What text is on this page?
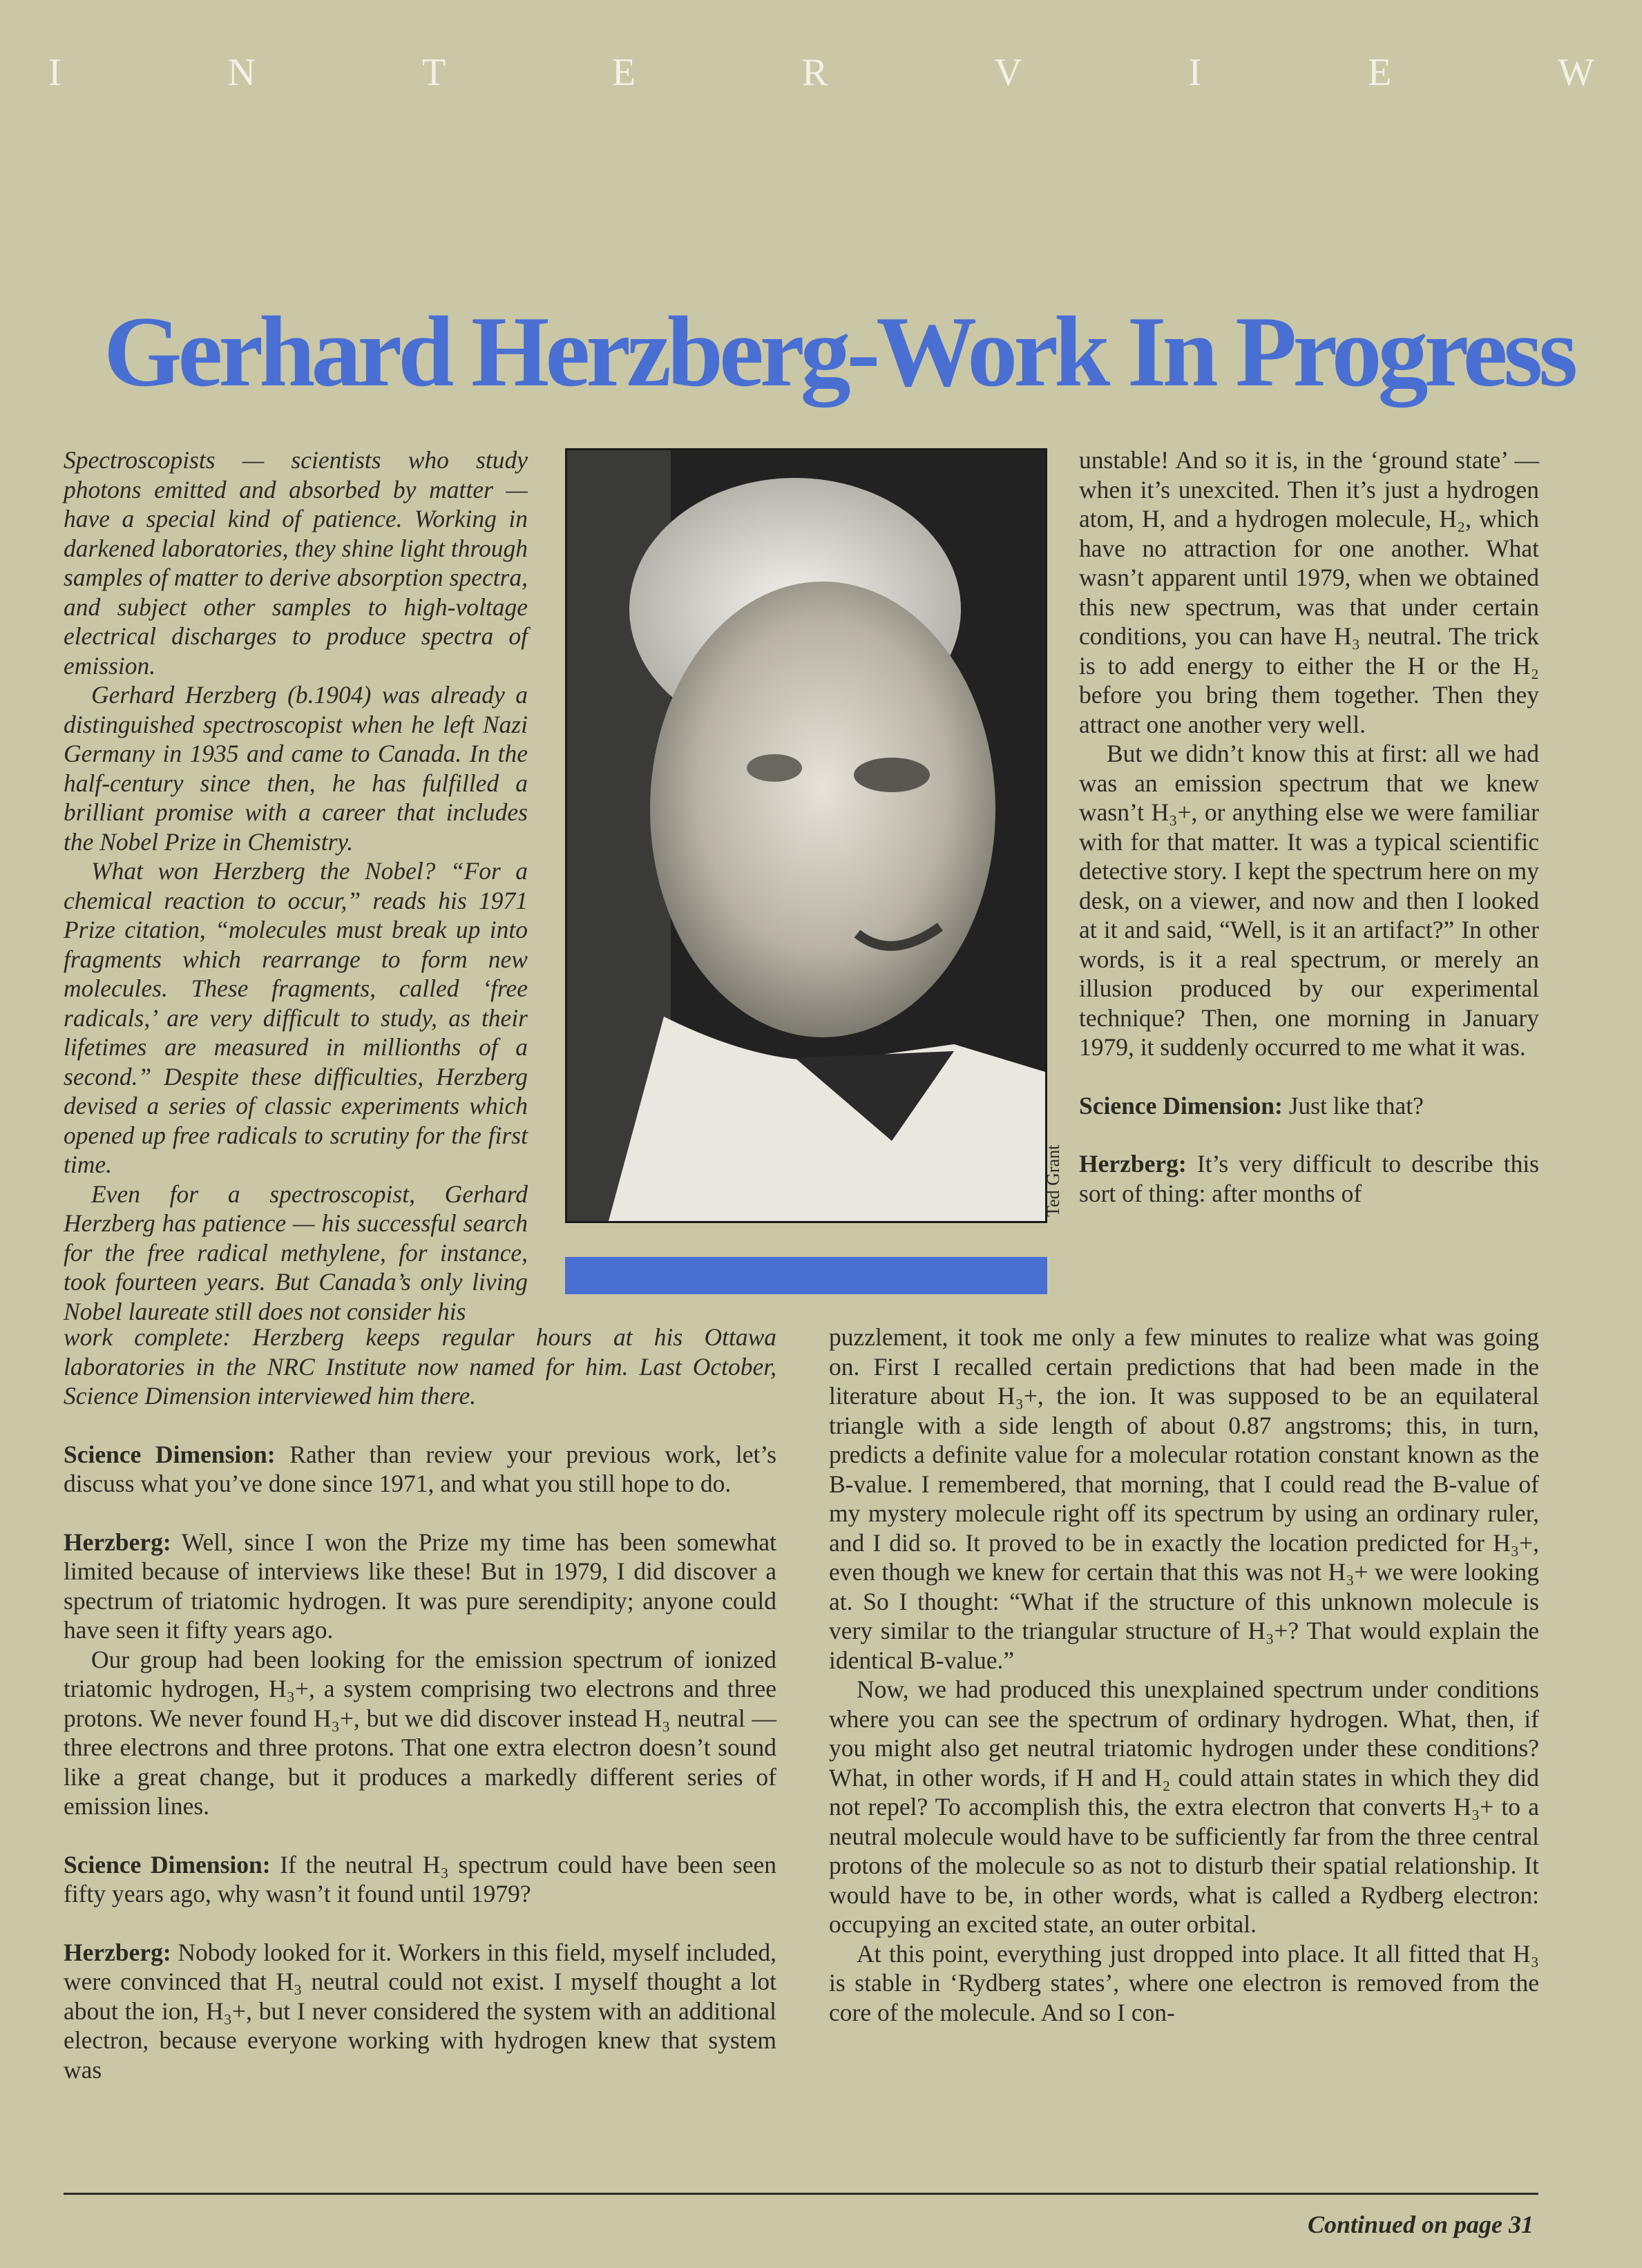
I	N	T	E	R	V	I	E	W
Gerhard Herzberg-Work In Progress

Spectroscopists — scientists who study photons emitted and absorbed by matter — have a special kind of patience. Working in darkened laboratories, they shine light through samples of matter to derive absorption spectra, and subject other samples to high-voltage electrical discharges to produce spectra of emission.

Gerhard Herzberg (b.1904) was already a distinguished spectroscopist when he left Nazi Germany in 1935 and came to Canada. In the half-century since then, he has fulfilled a brilliant promise with a career that includes the Nobel Prize in Chemistry.

What won Herzberg the Nobel? “For a chemical reaction to occur,” reads his 1971 Prize citation, “molecules must break up into fragments which rearrange to form new molecules. These fragments, called ‘free radicals,’ are very difficult to study, as their lifetimes are measured in millionths of a second.” Despite these difficulties, Herzberg devised a series of classic experiments which opened up free radicals to scrutiny for the first time.

Even for a spectroscopist, Gerhard Herzberg has patience — his successful search for the free radical methylene, for instance, took fourteen years. But Canada’s only living Nobel laureate still does not consider his

Ted Grant

work complete: Herzberg keeps regular hours at his Ottawa laboratories in the NRC Institute now named for him. Last October, Science Dimension interviewed him there.

Science Dimension: Rather than review your previous work, let’s discuss what you’ve done since 1971, and what you still hope to do.

Herzberg: Well, since I won the Prize my time has been somewhat limited because of interviews like these! But in 1979, I did discover a spectrum of triatomic hydrogen. It was pure serendipity; anyone could have seen it fifty years ago.

Our group had been looking for the emission spectrum of ionized triatomic hydrogen, H₃+, a system comprising two electrons and three protons. We never found H₃+, but we did discover instead H₃ neutral — three electrons and three protons. That one extra electron doesn’t sound like a great change, but it produces a markedly different series of emission lines.

Science Dimension: If the neutral H₃ spectrum could have been seen fifty years ago, why wasn’t it found until 1979?

Herzberg: Nobody looked for it. Workers in this field, myself included, were convinced that H₃ neutral could not exist. I myself thought a lot about the ion, H₃+, but I never considered the system with an additional electron, because everyone working with hydrogen knew that system was

unstable! And so it is, in the ‘ground state’ — when it’s unexcited. Then it’s just a hydrogen atom, H, and a hydrogen molecule, H₂, which have no attraction for one another. What wasn’t apparent until 1979, when we obtained this new spectrum, was that under certain conditions, you can have H₃ neutral. The trick is to add energy to either the H or the H₂ before you bring them together. Then they attract one another very well.

But we didn’t know this at first: all we had was an emission spectrum that we knew wasn’t H₃+, or anything else we were familiar with for that matter. It was a typical scientific detective story. I kept the spectrum here on my desk, on a viewer, and now and then I looked at it and said, “Well, is it an artifact?” In other words, is it a real spectrum, or merely an illusion produced by our experimental technique? Then, one morning in January 1979, it suddenly occurred to me what it was.

Science Dimension: Just like that?

Herzberg: It’s very difficult to describe this sort of thing: after months of

puzzlement, it took me only a few minutes to realize what was going on. First I recalled certain predictions that had been made in the literature about H₃+, the ion. It was supposed to be an equilateral triangle with a side length of about 0.87 angstroms; this, in turn, predicts a definite value for a molecular rotation constant known as the B-value. I remembered, that morning, that I could read the B-value of my mystery molecule right off its spectrum by using an ordinary ruler, and I did so. It proved to be in exactly the location predicted for H₃+, even though we knew for certain that this was not H₃+ we were looking at. So I thought: “What if the structure of this unknown molecule is very similar to the triangular structure of H₃+? That would explain the identical B-value.”

Now, we had produced this unexplained spectrum under conditions where you can see the spectrum of ordinary hydrogen. What, then, if you might also get neutral triatomic hydrogen under these conditions? What, in other words, if H and H₂ could attain states in which they did not repel? To accomplish this, the extra electron that converts H₃+ to a neutral molecule would have to be sufficiently far from the three central protons of the molecule so as not to disturb their spatial relationship. It would have to be, in other words, what is called a Rydberg electron: occupying an excited state, an outer orbital.

At this point, everything just dropped into place. It all fitted that H₃ is stable in ‘Rydberg states’, where one electron is removed from the core of the molecule. And so I con-

Continued on page 31
